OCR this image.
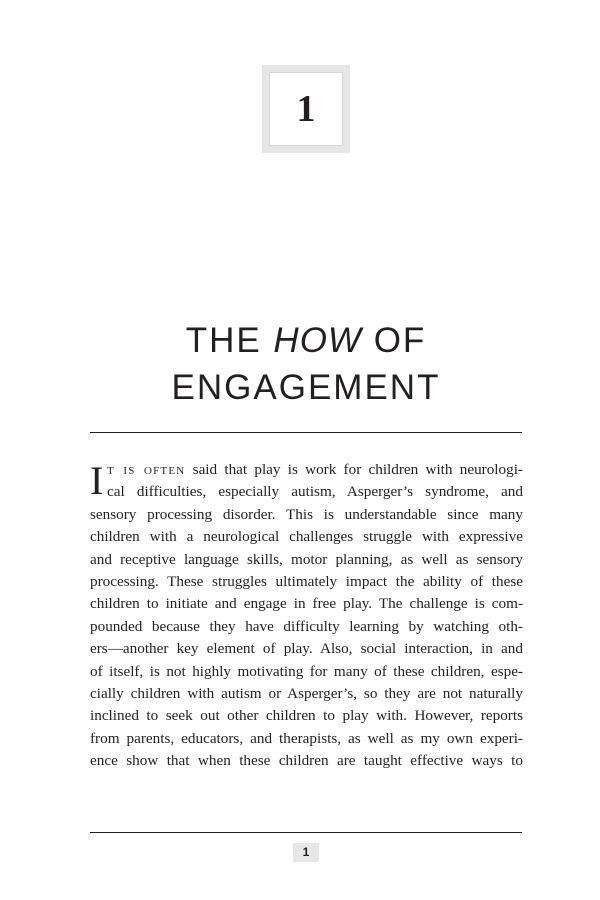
1
THE HOW OF
ENGAGEMENT
I t is often said that play is work for children with neurologi-
cal difficulties, especially autism, Asperger’s syndrome, and
sensory processing disorder. This is understandable since many
children with a neurological challenges struggle with expressive
and receptive language skills, motor planning, as well as sensory
processing. These struggles ultimately impact the ability of these
children to initiate and engage in free play. The challenge is com-
pounded because they have difficulty learning by watching oth-
ers—another key element of play. Also, social interaction, in and
of itself, is not highly motivating for many of these children, espe-
cially children with autism or Asperger’s, so they are not naturally
inclined to seek out other children to play with. However, reports
from parents, educators, and therapists, as well as my own experi-
ence show that when these children are taught effective ways to
1
